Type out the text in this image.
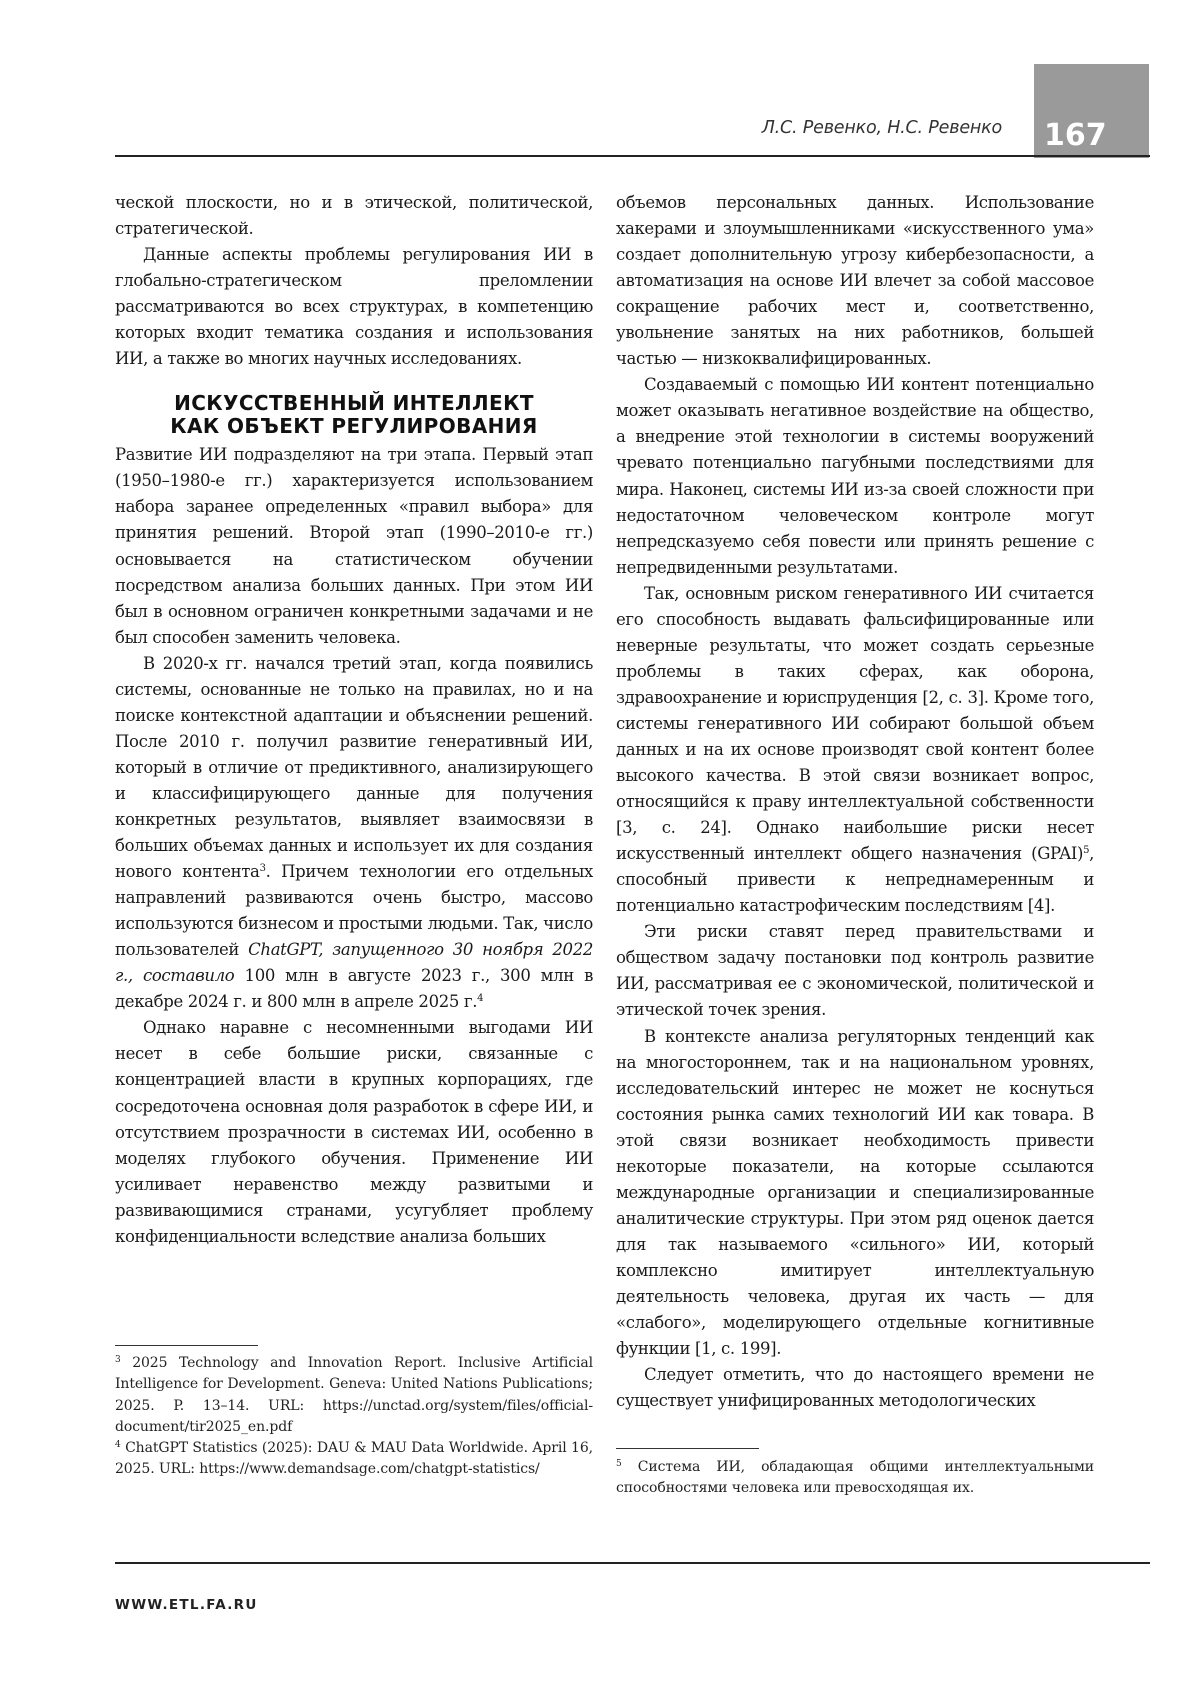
167
Л.С. Ревенко, Н.С. Ревенко

ческой плоскости, но и в этической, политической, стратегической.

Данные аспекты проблемы регулирования ИИ в глобально-стратегическом преломлении рассматриваются во всех структурах, в компетенцию которых входит тематика создания и использования ИИ, а также во многих научных исследованиях.

ИСКУССТВЕННЫЙ ИНТЕЛЛЕКТ
КАК ОБЪЕКТ РЕГУЛИРОВАНИЯ

Развитие ИИ подразделяют на три этапа. Первый этап (1950–1980-е гг.) характеризуется использованием набора заранее определенных «правил выбора» для принятия решений. Второй этап (1990–2010-е гг.) основывается на статистическом обучении посредством анализа больших данных. При этом ИИ был в основном ограничен конкретными задачами и не был способен заменить человека.

В 2020-х гг. начался третий этап, когда появились системы, основанные не только на правилах, но и на поиске контекстной адаптации и объяснении решений. После 2010 г. получил развитие генеративный ИИ, который в отличие от предиктивного, анализирующего и классифицирующего данные для получения конкретных результатов, выявляет взаимосвязи в больших объемах данных и использует их для создания нового контента$^3$. Причем технологии его отдельных направлений развиваются очень быстро, массово используются бизнесом и простыми людьми. Так, число пользователей ChatGPT, запущенного 30 ноября 2022 г., составило 100 млн в августе 2023 г., 300 млн в декабре 2024 г. и 800 млн в апреле 2025 г.$^4$

Однако наравне с несомненными выгодами ИИ несет в себе большие риски, связанные с концентрацией власти в крупных корпорациях, где сосредоточена основная доля разработок в сфере ИИ, и отсутствием прозрачности в системах ИИ, особенно в моделях глубокого обучения. Применение ИИ усиливает неравенство между развитыми и развивающимися странами, усугубляет проблему конфиденциальности вследствие анализа больших

$^3$ 2025 Technology and Innovation Report. Inclusive Artificial Intelligence for Development. Geneva: United Nations Publications; 2025. P. 13–14. URL: https://unctad.org/system/files/official-document/tir2025_en.pdf

$^4$ ChatGPT Statistics (2025): DAU & MAU Data Worldwide. April 16, 2025. URL: https://www.demandsage.com/chatgpt-statistics/

объемов персональных данных. Использование хакерами и злоумышленниками «искусственного ума» создает дополнительную угрозу кибербезопасности, а автоматизация на основе ИИ влечет за собой массовое сокращение рабочих мест и, соответственно, увольнение занятых на них работников, большей частью — низкоквалифицированных.

Создаваемый с помощью ИИ контент потенциально может оказывать негативное воздействие на общество, а внедрение этой технологии в системы вооружений чревато потенциально пагубными последствиями для мира. Наконец, системы ИИ из-за своей сложности при недостаточном человеческом контроле могут непредсказуемо себя повести или принять решение с непредвиденными результатами.

Так, основным риском генеративного ИИ считается его способность выдавать фальсифицированные или неверные результаты, что может создать серьезные проблемы в таких сферах, как оборона, здравоохранение и юриспруденция [2, с. 3]. Кроме того, системы генеративного ИИ собирают большой объем данных и на их основе производят свой контент более высокого качества. В этой связи возникает вопрос, относящийся к праву интеллектуальной собственности [3, с. 24]. Однако наибольшие риски несет искусственный интеллект общего назначения (GPAI)$^5$, способный привести к непреднамеренным и потенциально катастрофическим последствиям [4].

Эти риски ставят перед правительствами и обществом задачу постановки под контроль развитие ИИ, рассматривая ее с экономической, политической и этической точек зрения.

В контексте анализа регуляторных тенденций как на многостороннем, так и на национальном уровнях, исследовательский интерес не может не коснуться состояния рынка самих технологий ИИ как товара. В этой связи возникает необходимость привести некоторые показатели, на которые ссылаются международные организации и специализированные аналитические структуры. При этом ряд оценок дается для так называемого «сильного» ИИ, который комплексно имитирует интеллектуальную деятельность человека, другая их часть — для «слабого», моделирующего отдельные когнитивные функции [1, с. 199].

Следует отметить, что до настоящего времени не существует унифицированных методологических

$^5$ Система ИИ, обладающая общими интеллектуальными способностями человека или превосходящая их.

WWW.ETL.FA.RU
